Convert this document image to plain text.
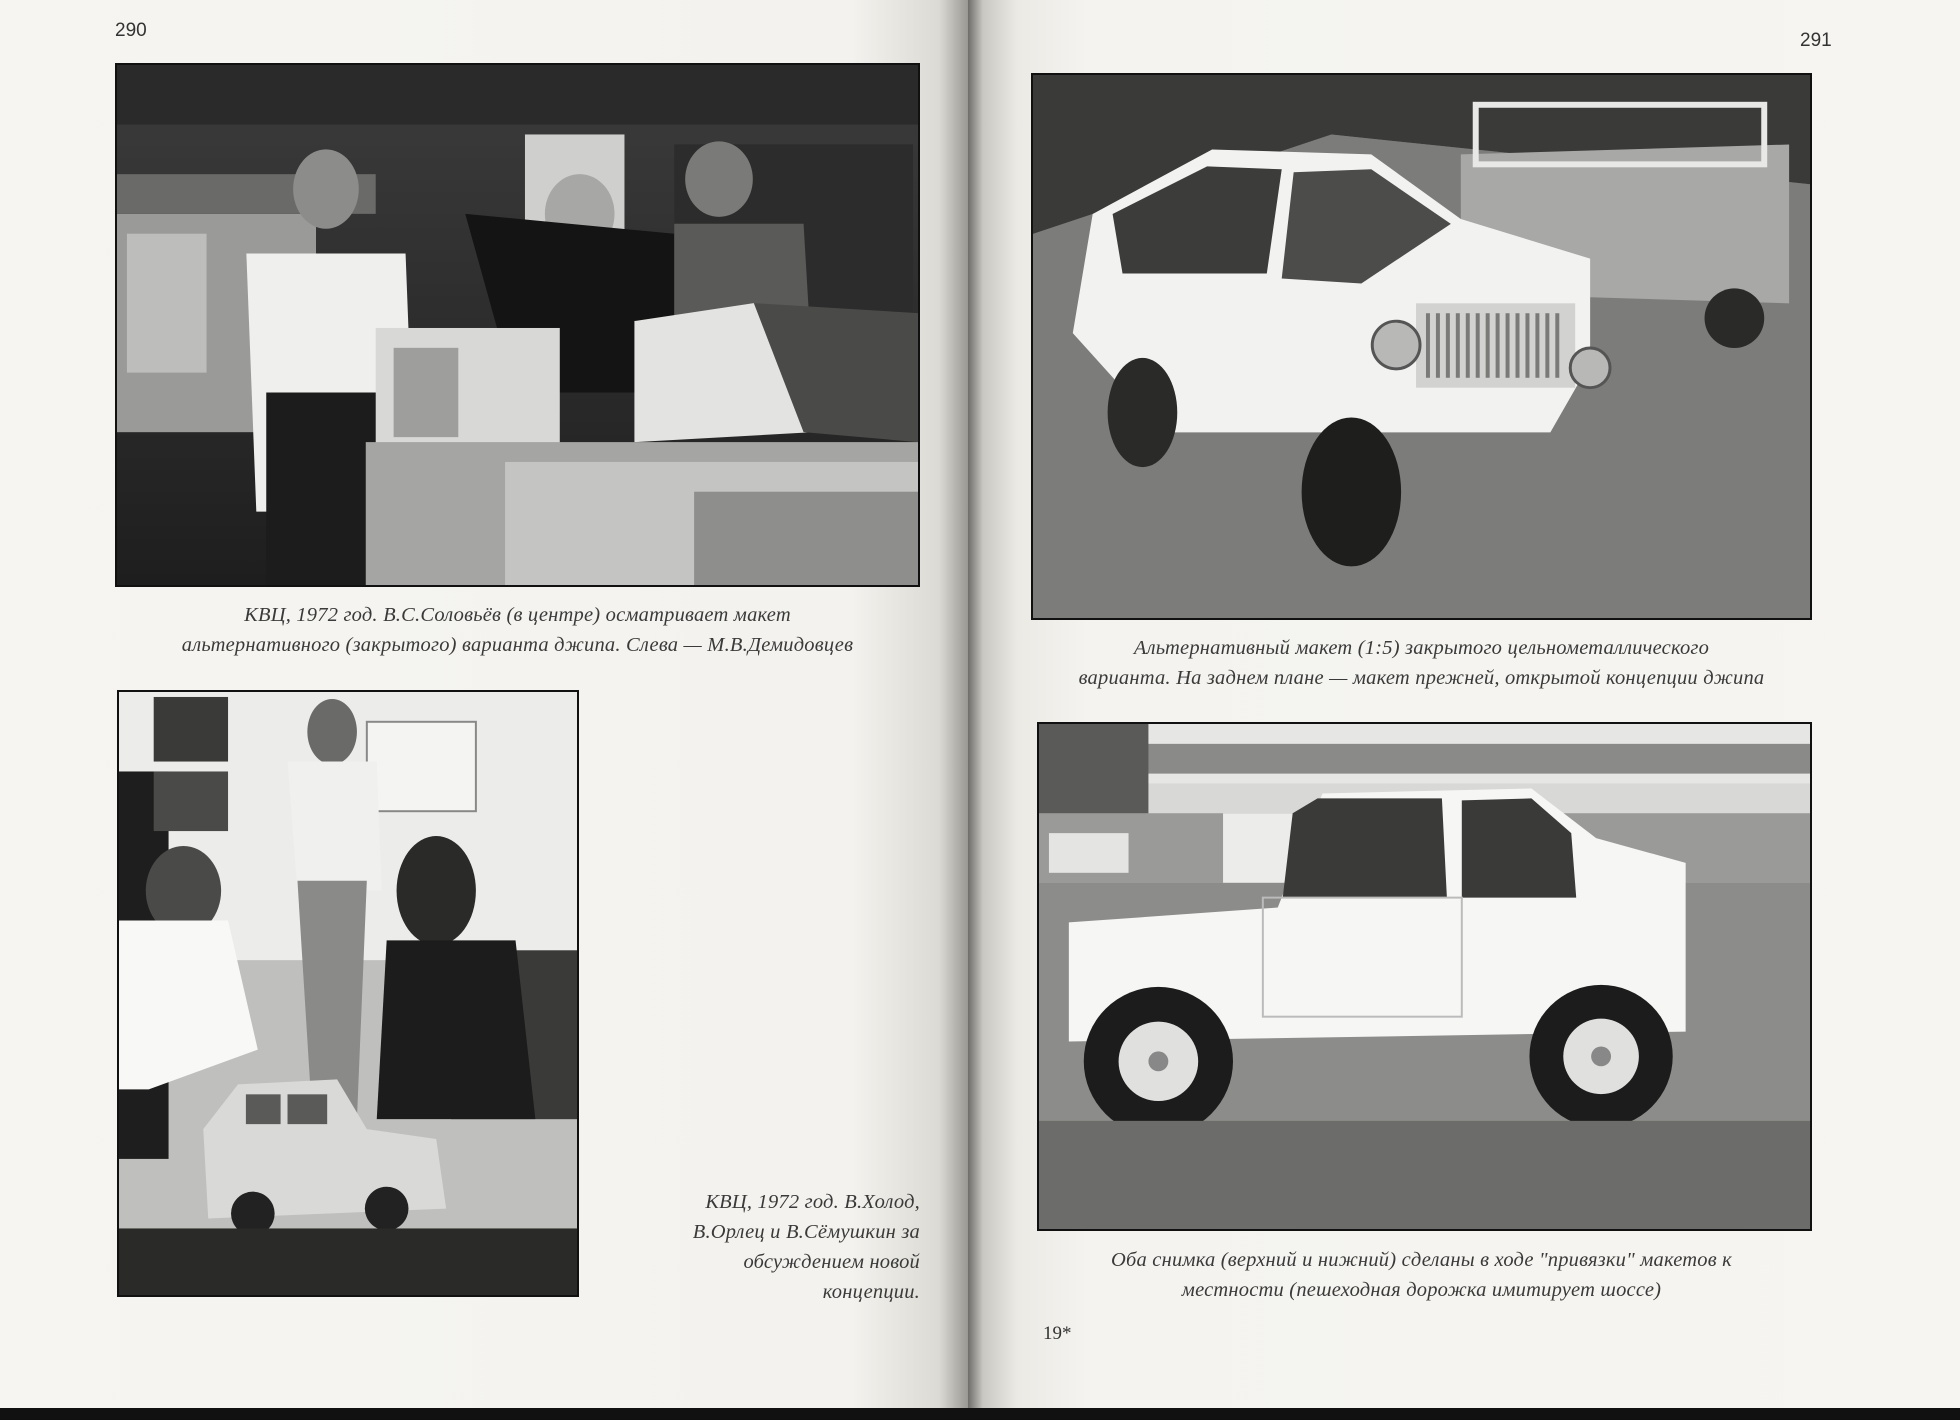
290
КВЦ, 1972 год. В.С.Соловьёв (в центре) осматривает макет
альтернативного (закрытого) варианта джипа. Слева — М.В.Демидовцев
КВЦ, 1972 год. В.Холод,
В.Орлец и В.Сёмушкин за
обсуждением новой
концепции.
291
Альтернативный макет (1:5) закрытого цельнометаллического
варианта. На заднем плане — макет прежней, открытой концепции джипа
Оба снимка (верхний и нижний) сделаны в ходе "привязки" макетов к
местности (пешеходная дорожка имитирует шоссе)
19*
